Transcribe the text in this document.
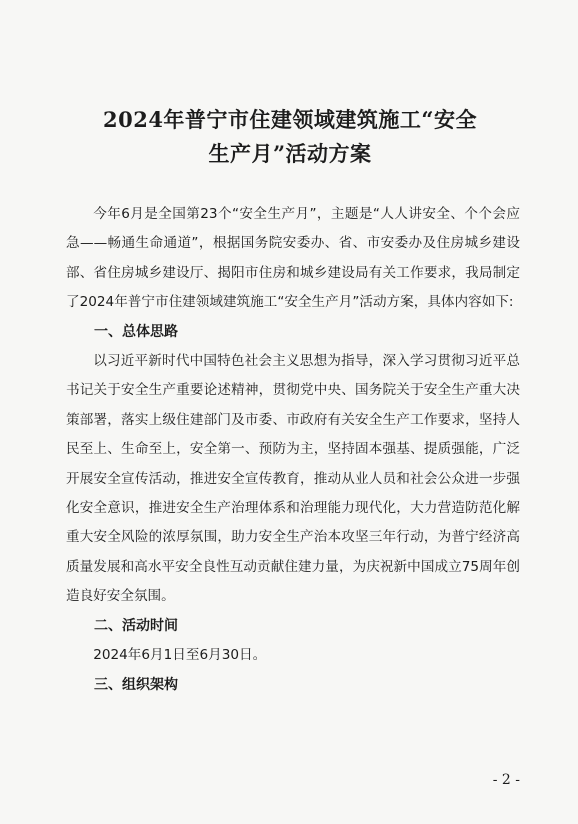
2024年普宁市住建领域建筑施工“安全
生产月”活动方案

今年6月是全国第23个“安全生产月”，主题是“人人讲安全、个个会应急——畅通生命通道”，根据国务院安委办、省、市安委办及住房城乡建设部、省住房城乡建设厅、揭阳市住房和城乡建设局有关工作要求，我局制定了2024年普宁市住建领域建筑施工“安全生产月”活动方案，具体内容如下:

一、总体思路

以习近平新时代中国特色社会主义思想为指导，深入学习贯彻习近平总书记关于安全生产重要论述精神，贯彻党中央、国务院关于安全生产重大决策部署，落实上级住建部门及市委、市政府有关安全生产工作要求，坚持人民至上、生命至上，安全第一、预防为主，坚持固本强基、提质强能，广泛开展安全宣传活动，推进安全宣传教育，推动从业人员和社会公众进一步强化安全意识，推进安全生产治理体系和治理能力现代化，大力营造防范化解重大安全风险的浓厚氛围，助力安全生产治本攻坚三年行动，为普宁经济高质量发展和高水平安全良性互动贡献住建力量，为庆祝新中国成立75周年创造良好安全氛围。

二、活动时间

2024年6月1日至6月30日。

三、组织架构

- 2 -
